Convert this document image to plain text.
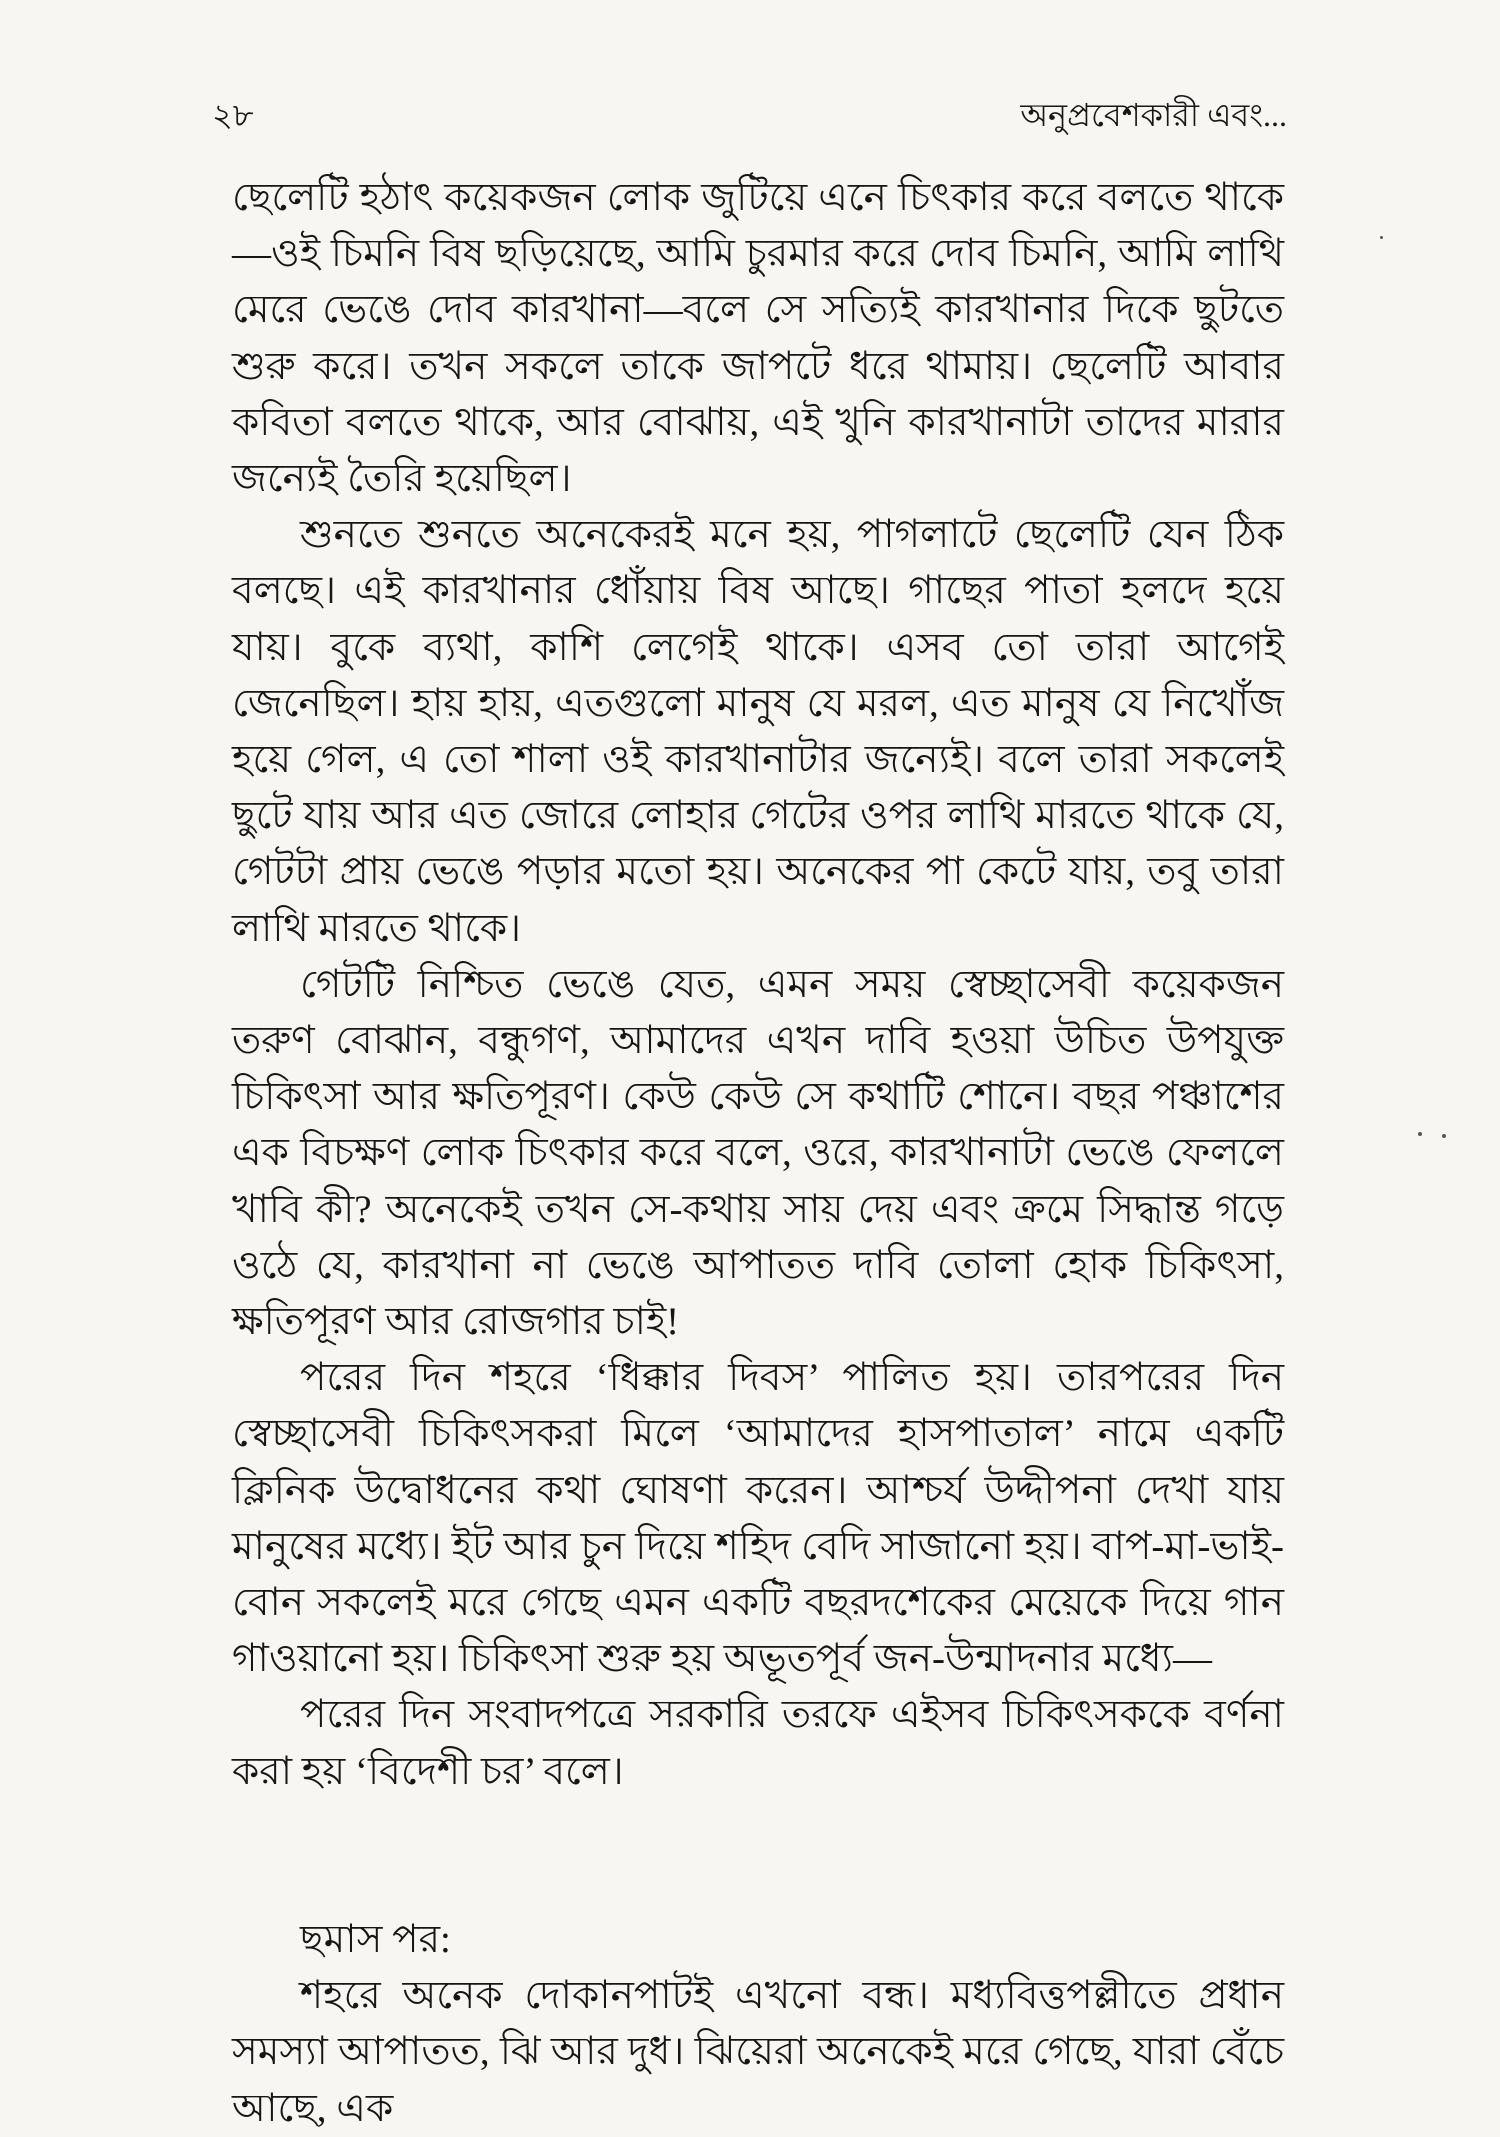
২৮	অনুপ্রবেশকারী এবং...

ছেলেটি হঠাৎ কয়েকজন লোক জুটিয়ে এনে চিৎকার করে বলতে থাকে—ওই চিমনি বিষ ছড়িয়েছে, আমি চুরমার করে দোব চিমনি, আমি লাথি মেরে ভেঙে দোব কারখানা—বলে সে সত্যিই কারখানার দিকে ছুটতে শুরু করে। তখন সকলে তাকে জাপটে ধরে থামায়। ছেলেটি আবার কবিতা বলতে থাকে, আর বোঝায়, এই খুনি কারখানাটা তাদের মারার জন্যেই তৈরি হয়েছিল।

শুনতে শুনতে অনেকেরই মনে হয়, পাগলাটে ছেলেটি যেন ঠিক বলছে। এই কারখানার ধোঁয়ায় বিষ আছে। গাছের পাতা হলদে হয়ে যায়। বুকে ব্যথা, কাশি লেগেই থাকে। এসব তো তারা আগেই জেনেছিল। হায় হায়, এতগুলো মানুষ যে মরল, এত মানুষ যে নিখোঁজ হয়ে গেল, এ তো শালা ওই কারখানাটার জন্যেই। বলে তারা সকলেই ছুটে যায় আর এত জোরে লোহার গেটের ওপর লাথি মারতে থাকে যে, গেটটা প্রায় ভেঙে পড়ার মতো হয়। অনেকের পা কেটে যায়, তবু তারা লাথি মারতে থাকে।

গেটটি নিশ্চিত ভেঙে যেত, এমন সময় স্বেচ্ছাসেবী কয়েকজন তরুণ বোঝান, বন্ধুগণ, আমাদের এখন দাবি হওয়া উচিত উপযুক্ত চিকিৎসা আর ক্ষতিপূরণ। কেউ কেউ সে কথাটি শোনে। বছর পঞ্চাশের এক বিচক্ষণ লোক চিৎকার করে বলে, ওরে, কারখানাটা ভেঙে ফেললে খাবি কী? অনেকেই তখন সে-কথায় সায় দেয় এবং ক্রমে সিদ্ধান্ত গড়ে ওঠে যে, কারখানা না ভেঙে আপাতত দাবি তোলা হোক চিকিৎসা, ক্ষতিপূরণ আর রোজগার চাই!

পরের দিন শহরে ‘ধিক্কার দিবস’ পালিত হয়। তারপরের দিন স্বেচ্ছাসেবী চিকিৎসকরা মিলে ‘আমাদের হাসপাতাল’ নামে একটি ক্লিনিক উদ্বোধনের কথা ঘোষণা করেন। আশ্চর্য উদ্দীপনা দেখা যায় মানুষের মধ্যে। ইট আর চুন দিয়ে শহিদ বেদি সাজানো হয়। বাপ-মা-ভাই-বোন সকলেই মরে গেছে এমন একটি বছরদশেকের মেয়েকে দিয়ে গান গাওয়ানো হয়। চিকিৎসা শুরু হয় অভূতপূর্ব জন-উন্মাদনার মধ্যে—

পরের দিন সংবাদপত্রে সরকারি তরফে এইসব চিকিৎসককে বর্ণনা করা হয় ‘বিদেশী চর’ বলে।

ছমাস পর:

শহরে অনেক দোকানপাটই এখনো বন্ধ। মধ্যবিত্তপল্লীতে প্রধান সমস্যা আপাতত, ঝি আর দুধ। ঝিয়েরা অনেকেই মরে গেছে, যারা বেঁচে আছে, এক
